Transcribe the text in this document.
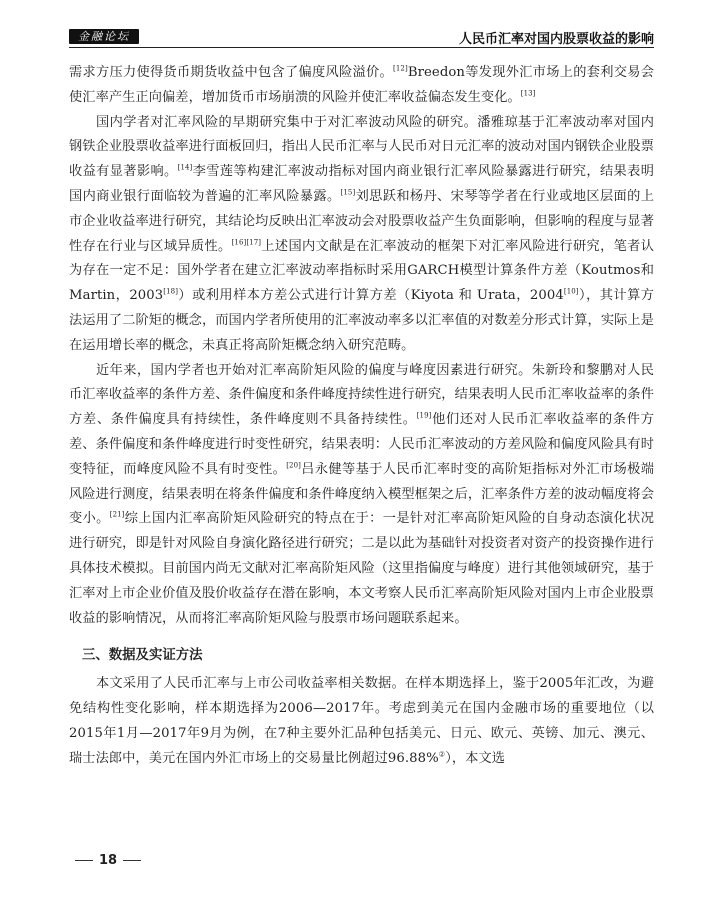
金融论坛	人民币汇率对国内股票收益的影响

需求方压力使得货币期货收益中包含了偏度风险溢价。[12]Breedon等发现外汇市场上的套利交易会使汇率产生正向偏差，增加货币市场崩溃的风险并使汇率收益偏态发生变化。[13]

国内学者对汇率风险的早期研究集中于对汇率波动风险的研究。潘雅琼基于汇率波动率对国内钢铁企业股票收益率进行面板回归，指出人民币汇率与人民币对日元汇率的波动对国内钢铁企业股票收益有显著影响。[14]李雪莲等构建汇率波动指标对国内商业银行汇率风险暴露进行研究，结果表明国内商业银行面临较为普遍的汇率风险暴露。[15]刘思跃和杨丹、宋琴等学者在行业或地区层面的上市企业收益率进行研究，其结论均反映出汇率波动会对股票收益产生负面影响，但影响的程度与显著性存在行业与区域异质性。[16][17]上述国内文献是在汇率波动的框架下对汇率风险进行研究，笔者认为存在一定不足：国外学者在建立汇率波动率指标时采用GARCH模型计算条件方差（Koutmos和Martin，2003[18]）或利用样本方差公式进行计算方差（Kiyota 和 Urata，2004[10]），其计算方法运用了二阶矩的概念，而国内学者所使用的汇率波动率多以汇率值的对数差分形式计算，实际上是在运用增长率的概念，未真正将高阶矩概念纳入研究范畴。

近年来，国内学者也开始对汇率高阶矩风险的偏度与峰度因素进行研究。朱新玲和黎鹏对人民币汇率收益率的条件方差、条件偏度和条件峰度持续性进行研究，结果表明人民币汇率收益率的条件方差、条件偏度具有持续性，条件峰度则不具备持续性。[19]他们还对人民币汇率收益率的条件方差、条件偏度和条件峰度进行时变性研究，结果表明：人民币汇率波动的方差风险和偏度风险具有时变特征，而峰度风险不具有时变性。[20]吕永健等基于人民币汇率时变的高阶矩指标对外汇市场极端风险进行测度，结果表明在将条件偏度和条件峰度纳入模型框架之后，汇率条件方差的波动幅度将会变小。[21]综上国内汇率高阶矩风险研究的特点在于：一是针对汇率高阶矩风险的自身动态演化状况进行研究，即是针对风险自身演化路径进行研究；二是以此为基础针对投资者对资产的投资操作进行具体技术模拟。目前国内尚无文献对汇率高阶矩风险（这里指偏度与峰度）进行其他领域研究，基于汇率对上市企业价值及股价收益存在潜在影响，本文考察人民币汇率高阶矩风险对国内上市企业股票收益的影响情况，从而将汇率高阶矩风险与股票市场问题联系起来。

三、数据及实证方法

本文采用了人民币汇率与上市公司收益率相关数据。在样本期选择上，鉴于2005年汇改，为避免结构性变化影响，样本期选择为2006—2017年。考虑到美元在国内金融市场的重要地位（以2015年1月—2017年9月为例，在7种主要外汇品种包括美元、日元、欧元、英镑、加元、澳元、瑞士法郎中，美元在国内外汇市场上的交易量比例超过96.88%②），本文选

18
